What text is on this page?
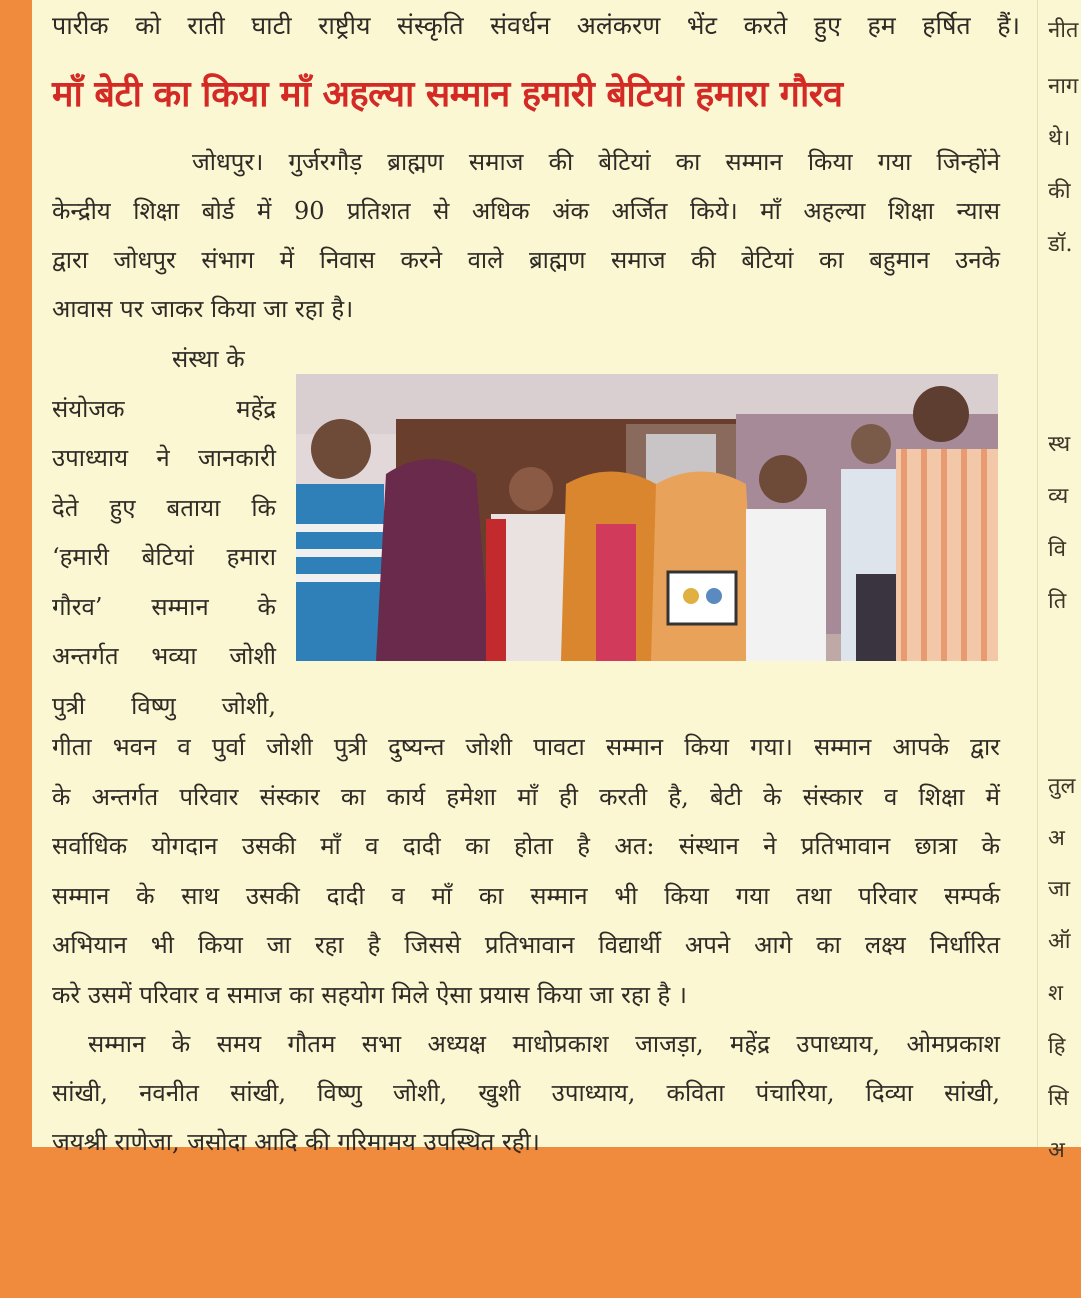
पारीक को राती घाटी राष्ट्रीय संस्कृति संवर्धन अलंकरण भेंट करते हुए हम हर्षित हैं।
माँ बेटी का किया माँ अहल्या सम्मान हमारी बेटियां हमारा गौरव
जोधपुर। गुर्जरगौड़ ब्राह्मण समाज की बेटियां का सम्मान किया गया जिन्होंने
केन्द्रीय शिक्षा बोर्ड में 90 प्रतिशत से अधिक अंक अर्जित किये। माँ अहल्या शिक्षा न्यास
द्वारा जोधपुर संभाग में निवास करने वाले ब्राह्मण समाज की बेटियां का बहुमान उनके
आवास पर जाकर किया जा रहा है।
संस्था के
संयोजक महेंद्र
उपाध्याय ने जानकारी
देते हुए बताया कि
‘हमारी बेटियां हमारा
गौरव’ सम्मान के
अन्तर्गत भव्या जोशी
पुत्री विष्णु जोशी,
गीता भवन व पुर्वा जोशी पुत्री दुष्यन्त जोशी पावटा सम्मान किया गया। सम्मान आपके द्वार
के अन्तर्गत परिवार संस्कार का कार्य हमेशा माँ ही करती है, बेटी के संस्कार व शिक्षा में
सर्वाधिक योगदान उसकी माँ व दादी का होता है अत: संस्थान ने प्रतिभावान छात्रा के
सम्मान के साथ उसकी दादी व माँ का सम्मान भी किया गया तथा परिवार सम्पर्क
अभियान भी किया जा रहा है जिससे प्रतिभावान विद्यार्थी अपने आगे का लक्ष्य निर्धारित
करे उसमें परिवार व समाज का सहयोग मिले ऐसा प्रयास किया जा रहा है ।
सम्मान के समय गौतम सभा अध्यक्ष माधोप्रकाश जाजड़ा, महेंद्र उपाध्याय, ओमप्रकाश
सांखी, नवनीत सांखी, विष्णु जोशी, खुशी उपाध्याय, कविता पंचारिया, दिव्या सांखी,
जयश्री राणेजा, जसोदा आदि की गरिमामय उपस्थित रही।
नीत
नाग
थे।
की
डॉ.
स्थ
व्य
वि
ति
तुल
अ
जा
ऑ
श
हि
सि
अ
